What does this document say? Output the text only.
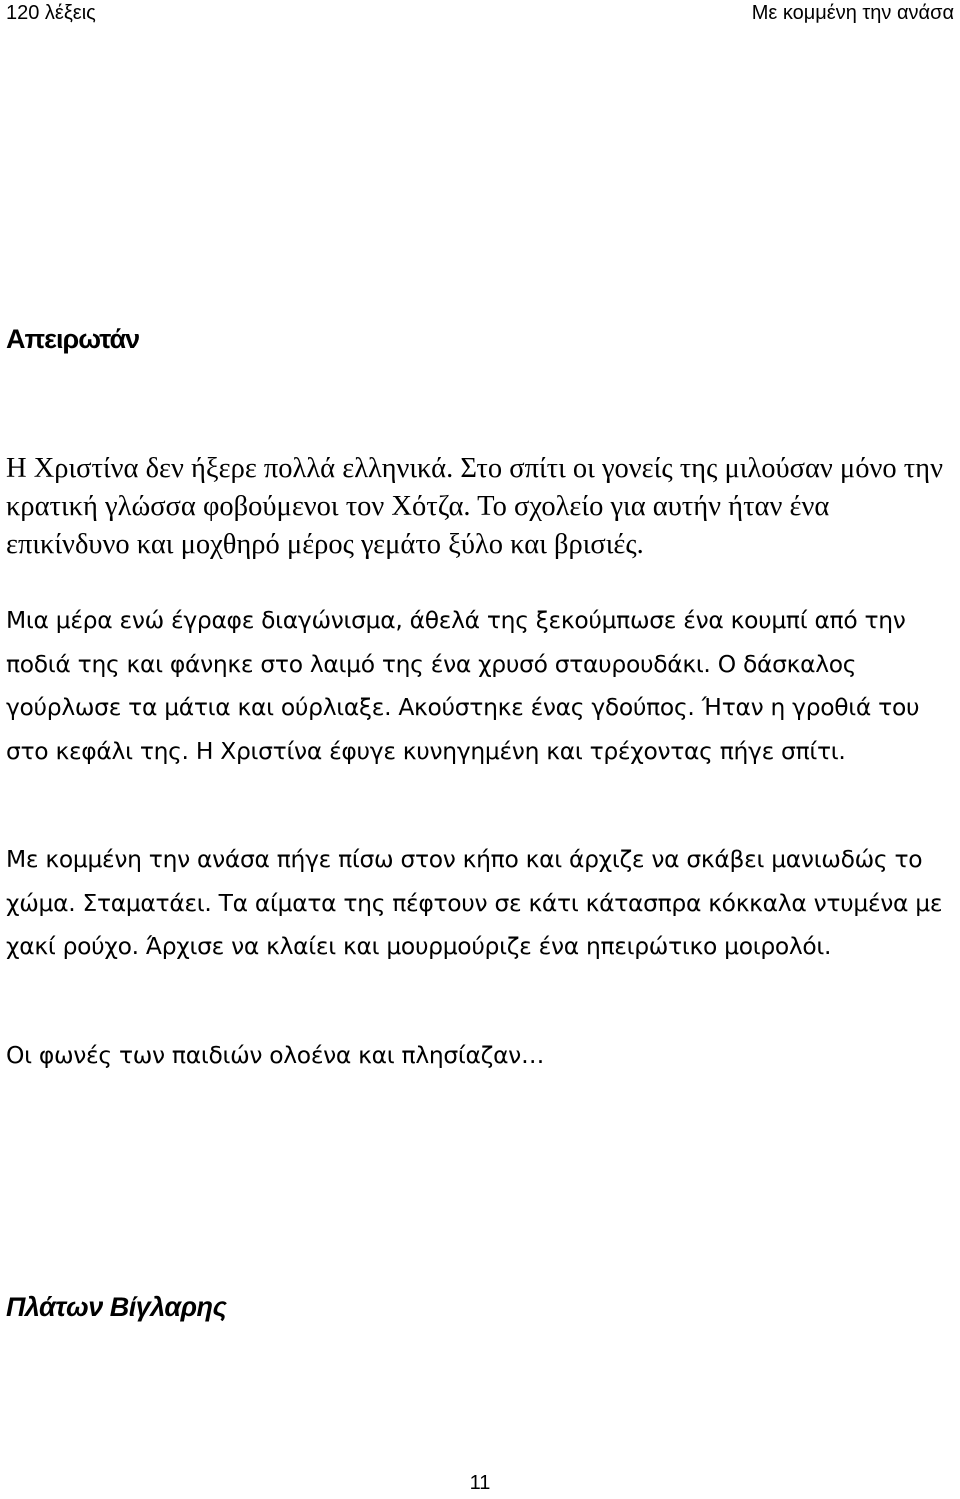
120 λέξεις	Με κομμένη την ανάσα
Απειρωτάν

Η Χριστίνα δεν ήξερε πολλά ελληνικά. Στο σπίτι οι γονείς της μιλούσαν μόνο την κρατική γλώσσα φοβούμενοι τον Χότζα. Το σχολείο για αυτήν ήταν ένα επικίνδυνο και μοχθηρό μέρος γεμάτο ξύλο και βρισιές.

Μια μέρα ενώ έγραφε διαγώνισμα, άθελά της ξεκούμπωσε ένα κουμπί από την ποδιά της και φάνηκε στο λαιμό της ένα χρυσό σταυρουδάκι. Ο δάσκαλος γούρλωσε τα μάτια και ούρλιαξε. Ακούστηκε ένας γδούπος. Ήταν η γροθιά του στο κεφάλι της. Η Χριστίνα έφυγε κυνηγημένη και τρέχοντας πήγε σπίτι.

Με κομμένη την ανάσα πήγε πίσω στον κήπο και άρχιζε να σκάβει μανιωδώς το χώμα. Σταματάει. Τα αίματα της πέφτουν σε κάτι κάτασπρα κόκκαλα ντυμένα με χακί ρούχο. Άρχισε να κλαίει και μουρμούριζε ένα ηπειρώτικο μοιρολόι.

Οι φωνές των παιδιών ολοένα και πλησίαζαν…

Πλάτων Βίγλαρης

11
